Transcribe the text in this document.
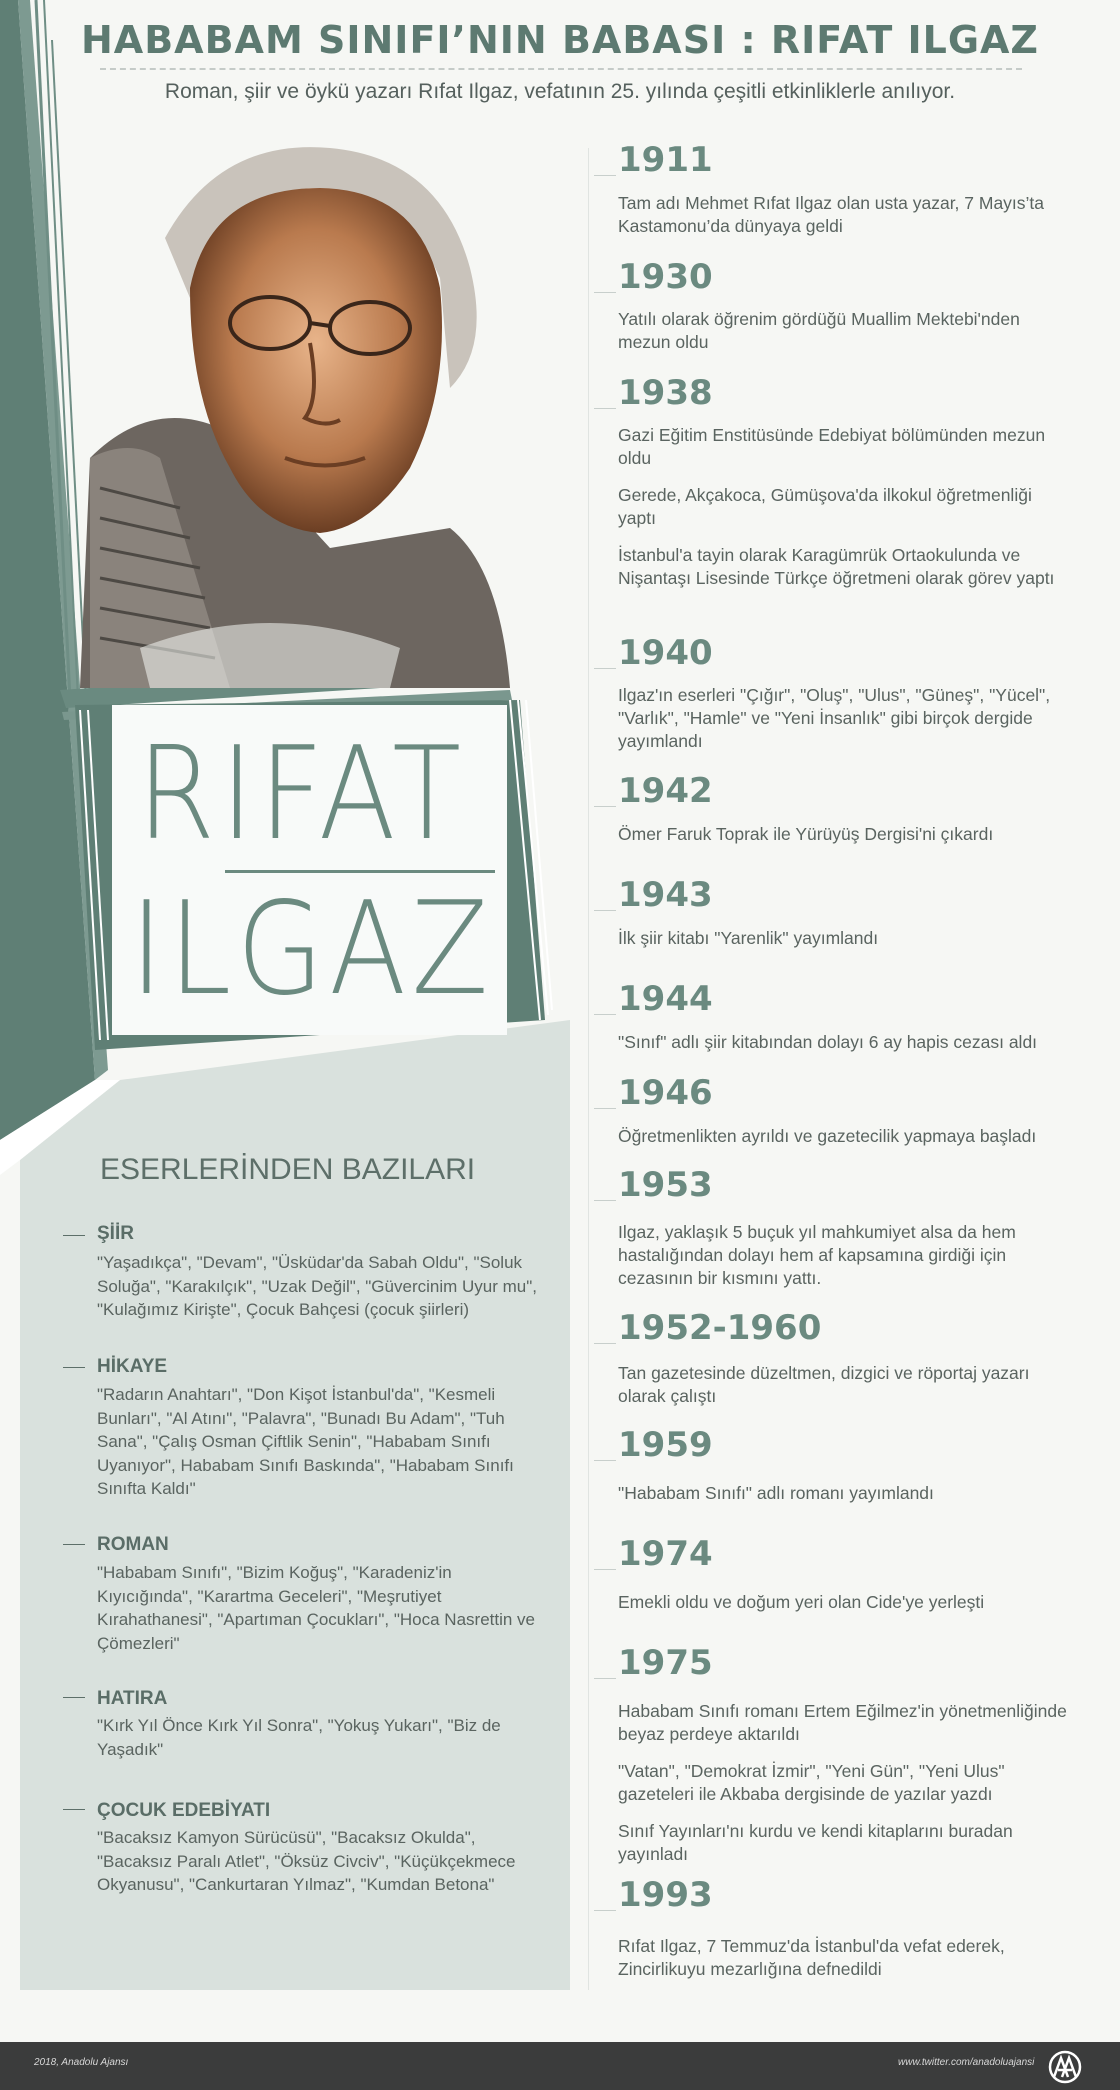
HABABAM SINIFI’NIN BABASI : RIFAT ILGAZ
Roman, şiir ve öykü yazarı Rıfat Ilgaz, vefatının 25. yılında çeşitli etkinliklerle anılıyor.
RIFAT
ILGAZ
1911
Tam adı Mehmet Rıfat Ilgaz olan usta yazar, 7 Mayıs’ta Kastamonu’da dünyaya geldi
1930
Yatılı olarak öğrenim gördüğü Muallim Mektebi'nden mezun oldu
1938
Gazi Eğitim Enstitüsünde Edebiyat bölümünden mezun oldu
Gerede, Akçakoca, Gümüşova'da ilkokul öğretmenliği yaptı
İstanbul'a tayin olarak Karagümrük Ortaokulunda ve Nişantaşı Lisesinde Türkçe öğretmeni olarak görev yaptı
1940
Ilgaz'ın eserleri "Çığır", "Oluş", "Ulus", "Güneş", "Yücel", "Varlık", "Hamle" ve "Yeni İnsanlık" gibi birçok dergide yayımlandı
1942
Ömer Faruk Toprak ile Yürüyüş Dergisi'ni çıkardı
1943
İlk şiir kitabı "Yarenlik" yayımlandı
1944
"Sınıf" adlı şiir kitabından dolayı 6 ay hapis cezası aldı
1946
Öğretmenlikten ayrıldı ve gazetecilik yapmaya başladı
1953
Ilgaz, yaklaşık 5 buçuk yıl mahkumiyet alsa da hem hastalığından dolayı hem af kapsamına girdiği için cezasının bir kısmını yattı.
1952-1960
Tan gazetesinde düzeltmen, dizgici ve röportaj yazarı olarak çalıştı
1959
"Hababam Sınıfı" adlı romanı yayımlandı
1974
Emekli oldu ve doğum yeri olan Cide'ye yerleşti
1975
Hababam Sınıfı romanı Ertem Eğilmez'in yönetmenliğinde beyaz perdeye aktarıldı
"Vatan", "Demokrat İzmir", "Yeni Gün", "Yeni Ulus" gazeteleri ile Akbaba dergisinde de yazılar yazdı
Sınıf Yayınları'nı kurdu ve kendi kitaplarını buradan yayınladı
1993
Rıfat Ilgaz, 7 Temmuz'da İstanbul'da vefat ederek, Zincirlikuyu mezarlığına defnedildi
ESERLERİNDEN BAZILARI
ŞİİR
"Yaşadıkça", "Devam", "Üsküdar'da Sabah Oldu", "Soluk Soluğa", "Karakılçık", "Uzak Değil", "Güvercinim Uyur mu", "Kulağımız Kirişte", Çocuk Bahçesi (çocuk şiirleri)
HİKAYE
"Radarın Anahtarı", "Don Kişot İstanbul'da", "Kesmeli Bunları", "Al Atını", "Palavra", "Bunadı Bu Adam", "Tuh Sana", "Çalış Osman Çiftlik Senin", "Hababam Sınıfı Uyanıyor", Hababam Sınıfı Baskında", "Hababam Sınıfı Sınıfta Kaldı"
ROMAN
"Hababam Sınıfı", "Bizim Koğuş", "Karadeniz'in Kıyıcığında", "Karartma Geceleri", "Meşrutiyet Kırahathanesi", "Apartıman Çocukları", "Hoca Nasrettin ve Çömezleri"
HATIRA
"Kırk Yıl Önce Kırk Yıl Sonra", "Yokuş Yukarı", "Biz de Yaşadık"
ÇOCUK EDEBİYATI
"Bacaksız Kamyon Sürücüsü", "Bacaksız Okulda", "Bacaksız Paralı Atlet", "Öksüz Civciv", "Küçükçekmece Okyanusu", "Cankurtaran Yılmaz", "Kumdan Betona"
2018, Anadolu Ajansı	www.twitter.com/anadoluajansi
